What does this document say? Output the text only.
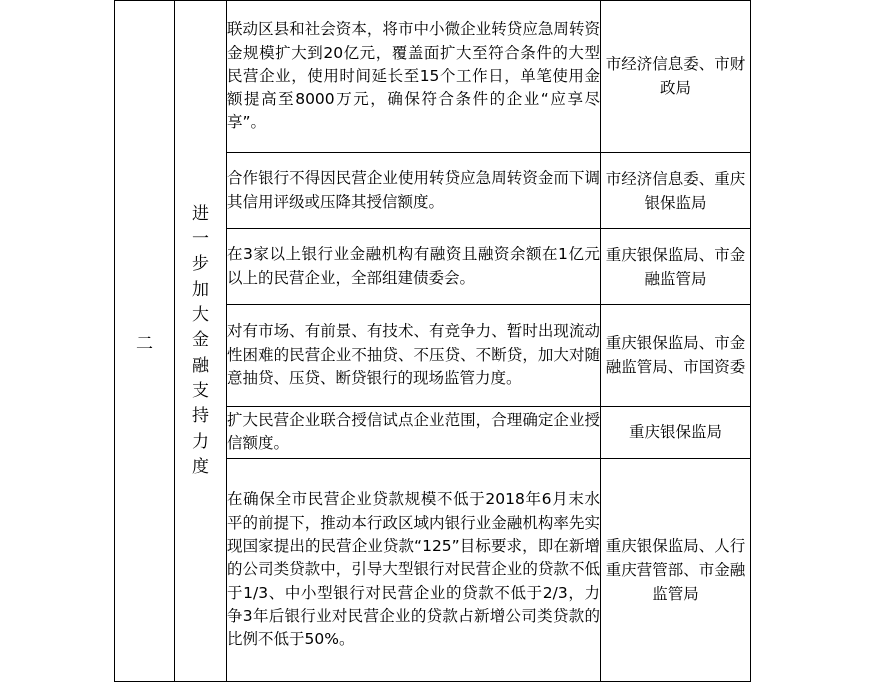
二	进一步加大金融支持力度	联动区县和社会资本，将市中小微企业转贷应急周转资金规模扩大到20亿元，覆盖面扩大至符合条件的大型民营企业，使用时间延长至15个工作日，单笔使用金额提高至8000万元，确保符合条件的企业“应享尽享”。	市经济信息委、市财政局
		合作银行不得因民营企业使用转贷应急周转资金而下调其信用评级或压降其授信额度。	市经济信息委、重庆银保监局
		在3家以上银行业金融机构有融资且融资余额在1亿元以上的民营企业，全部组建债委会。	重庆银保监局、市金融监管局
		对有市场、有前景、有技术、有竞争力、暂时出现流动性困难的民营企业不抽贷、不压贷、不断贷，加大对随意抽贷、压贷、断贷银行的现场监管力度。	重庆银保监局、市金融监管局、市国资委
		扩大民营企业联合授信试点企业范围，合理确定企业授信额度。	重庆银保监局
		在确保全市民营企业贷款规模不低于2018年6月末水平的前提下，推动本行政区域内银行业金融机构率先实现国家提出的民营企业贷款“125”目标要求，即在新增的公司类贷款中，引导大型银行对民营企业的贷款不低于1/3、中小型银行对民营企业的贷款不低于2/3，力争3年后银行业对民营企业的贷款占新增公司类贷款的比例不低于50%。	重庆银保监局、人行重庆营管部、市金融监管局
